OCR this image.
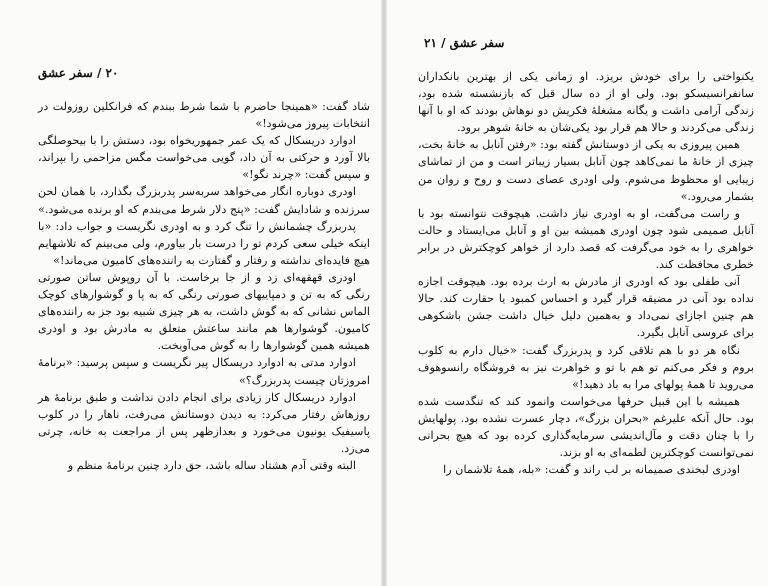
۲۰ / سفر عشق

شاد گفت: «همینجا حاضرم با شما شرط ببندم که فرانکلین روزولت در انتخابات پیروز می‌شود!»

ادوارد دریسکال که یک عمر جمهوریخواه بود، دستش را با بیحوصلگی بالا آورد و حرکتی به آن داد، گویی می‌خواست مگس مزاحمی را بپراند، و سپس گفت: «چرند نگو!»

اودری دوباره انگار می‌خواهد سربه‌سر پدربزرگ بگذارد، با همان لحن سرزنده و شادایش گفت: «پنج دلار شرط می‌بندم که او برنده می‌شود.»

پدربزرگ چشمانش را تنگ کرد و به اودری نگریست و جواب داد: «با اینکه خیلی سعی کردم تو را درست بار بیاورم، ولی می‌بینم که تلاشهایم هیچ فایده‌ای نداشته و رفتار و گفتارت به راننده‌های کامیون می‌ماند!»

اودری قهقهه‌ای زد و از جا برخاست. با آن روپوش ساتن صورتی رنگی که به تن و دمپاییهای صورتی رنگی که به پا و گوشوارهای کوچک الماس نشانی که به گوش داشت، به هر چیزی شبیه بود جز به راننده‌های کامیون. گوشوارها هم مانند ساعتش متعلق به مادرش بود و اودری همیشه همین گوشوارها را به گوش می‌آویخت.

ادوارد مدتی به ادوارد دریسکال پیر نگریست و سپس پرسید: «برنامهٔ امروزتان چیست پدربزرگ؟»

ادوارد دریسکال کار زیادی برای انجام دادن نداشت و طبق برنامهٔ هر روزهاش رفتار می‌کرد: به دیدن دوستانش می‌رفت، ناهار را در کلوب پاسیفیک یونیون می‌خورد و بعدازظهر پس از مراجعت به خانه، چرتی می‌زد.

البته وقتی آدم هشتاد ساله باشد، حق دارد چنین برنامهٔ منظم و

سفر عشق / ۲۱

یکنواختی را برای خودش بریزد. او زمانی یکی از بهترین بانکداران سانفرانسیسکو بود. ولی او از ده سال قبل که بازنشسته شده بود، زندگی آرامی داشت و یگانه مشغلهٔ فکریش دو نوهاش بودند که او با آنها زندگی می‌کردند و حالا هم قرار بود یکی‌شان به خانهٔ شوهر برود.

همین پیروزی به یکی از دوستانش گفته بود: «رفتن آنابل به خانهٔ بخت، چیزی از خانهٔ ما نمی‌کاهد چون آنابل بسیار زیباتر است و من از تماشای زیبایی او محظوظ می‌شوم. ولی اودری عصای دست و روح و روان من بشمار می‌رود.»

و راست می‌گفت، او به اودری نیاز داشت. هیچوقت نتوانسته بود با آنابل صمیمی شود چون اودری همیشه بین او و آنابل می‌ایستاد و حالت خواهری را به خود می‌گرفت که قصد دارد از خواهر کوچکترش در برابر خطری محافظت کند.

آنی طفلی بود که اودری از مادرش به ارث برده بود. هیچوقت اجازه نداده بود آنی در مضیقه قرار گیرد و احساس کمبود یا حقارت کند. حالا هم چنین اجازای نمی‌داد و به‌همین دلیل خیال داشت جشن باشکوهی برای عروسی آنابل بگیرد.

نگاه هر دو با هم تلاقی کرد و پدربزرگ گفت: «خیال دارم به کلوب بروم و فکر می‌کنم تو هم با تو و خواهرت نیز به فروشگاه رانسوهوف می‌روید تا همهٔ پولهای مرا به باد دهید!»

همیشه با این قبیل حرفها می‌خواست وانمود کند که تنگدست شده بود. حال آنکه علیرغم «بحران بزرگ»، دچار عسرت نشده بود. پولهایش را با چنان دقت و مآل‌اندیشی سرمایه‌گذاری کرده بود که هیچ بحرانی نمی‌توانست کوچکترین لطمه‌ای به او بزند.

اودری لبخندی صمیمانه بر لب راند و گفت: «بله، همهٔ تلاشمان را
